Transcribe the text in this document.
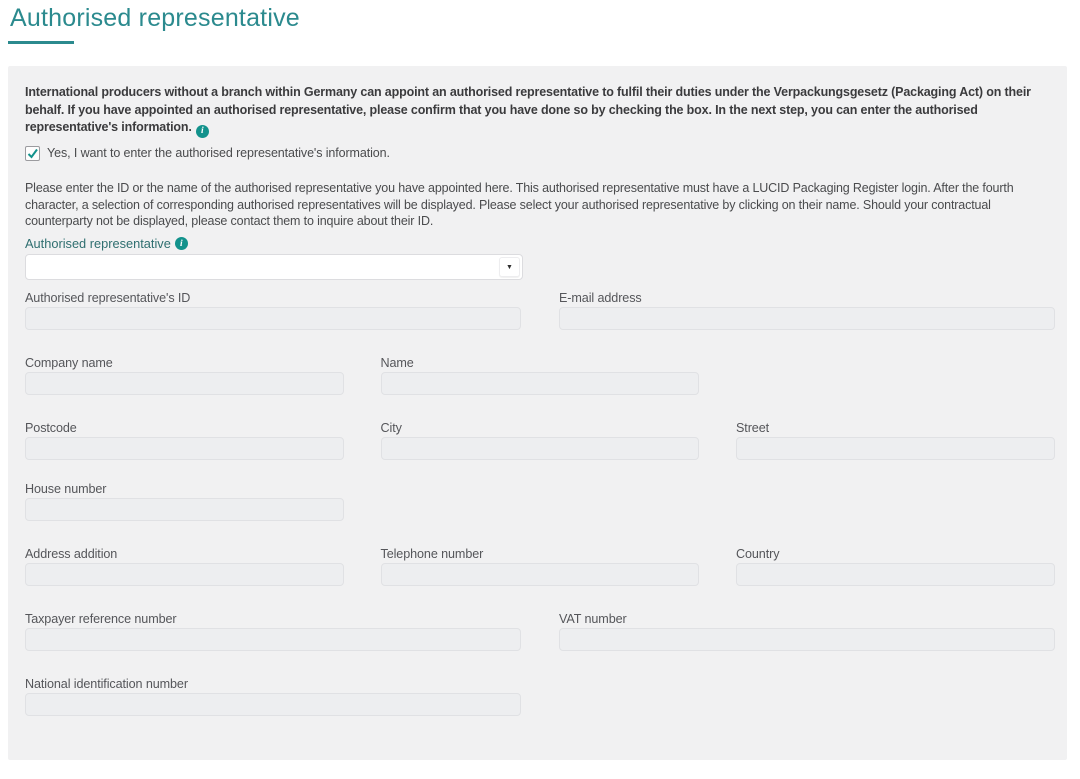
Authorised representative

International producers without a branch within Germany can appoint an authorised representative to fulfil their duties under the Verpackungsgesetz (Packaging Act) on their behalf. If you have appointed an authorised representative, please confirm that you have done so by checking the box. In the next step, you can enter the authorised representative's information. i

Yes, I want to enter the authorised representative's information.

Please enter the ID or the name of the authorised representative you have appointed here. This authorised representative must have a LUCID Packaging Register login. After the fourth character, a selection of corresponding authorised representatives will be displayed. Please select your authorised representative by clicking on their name. Should your contractual counterparty not be displayed, please contact them to inquire about their ID.

Authorised representative i
▼
Authorised representative's ID	E-mail address
Company name	Name
Postcode	City	Street
House number
Address addition	Telephone number	Country
Taxpayer reference number	VAT number
National identification number
